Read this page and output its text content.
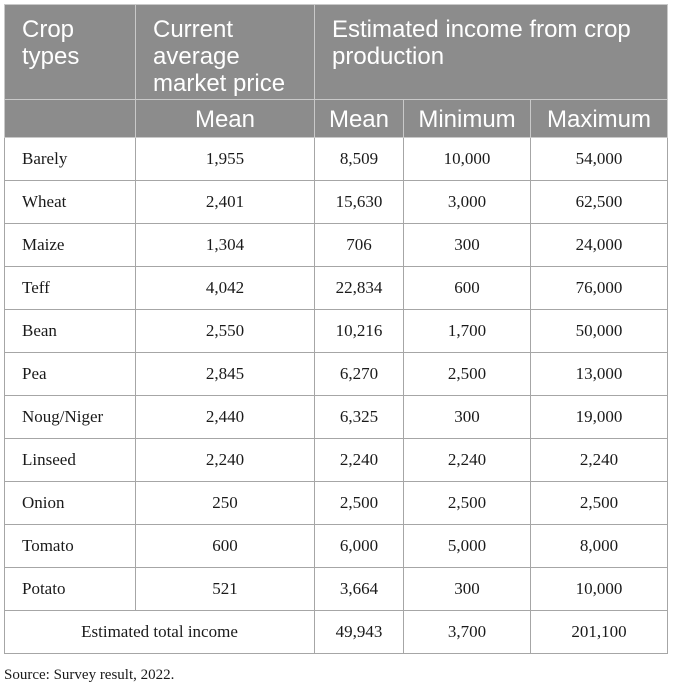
Crop types	Current average market price	Estimated income from crop production		
	Mean	Mean	Minimum	Maximum
Barely	1,955	8,509	10,000	54,000
Wheat	2,401	15,630	3,000	62,500
Maize	1,304	706	300	24,000
Teff	4,042	22,834	600	76,000
Bean	2,550	10,216	1,700	50,000
Pea	2,845	6,270	2,500	13,000
Noug/Niger	2,440	6,325	300	19,000
Linseed	2,240	2,240	2,240	2,240
Onion	250	2,500	2,500	2,500
Tomato	600	6,000	5,000	8,000
Potato	521	3,664	300	10,000
Estimated total income		49,943	3,700	201,100
Source: Survey result, 2022.
